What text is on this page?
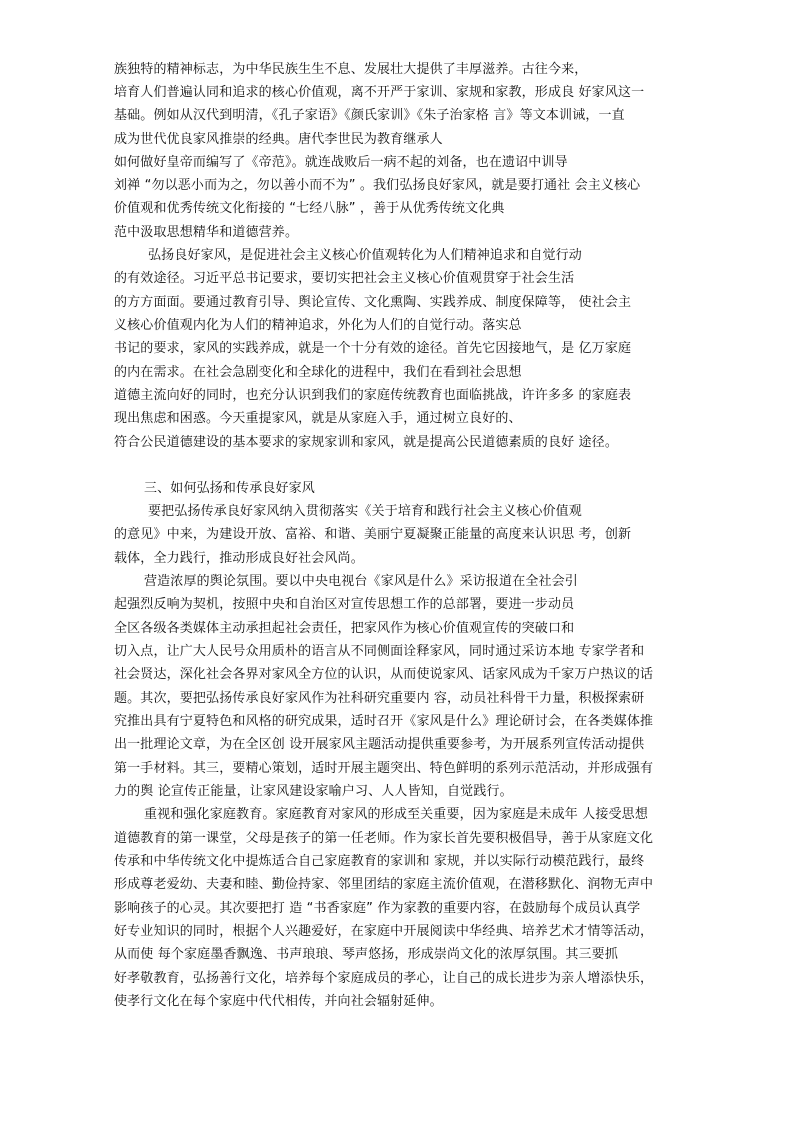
族独特的精神标志，为中华民族生生不息、发展壮大提供了丰厚滋养。古往今来，
培育人们普遍认同和追求的核心价值观，离不开严于家训、家规和家教，形成良 好家风这一
基础。例如从汉代到明清，《孔子家语》《颜氏家训》《朱子治家格 言》等文本训诫，一直
成为世代优良家风推崇的经典。唐代李世民为教育继承人
如何做好皇帝而编写了《帝范》。就连战败后一病不起的刘备，也在遗诏中训导
刘禅 “勿以恶小而为之，勿以善小而不为” 。我们弘扬良好家风，就是要打通社 会主义核心
价值观和优秀传统文化衔接的 “七经八脉” ，善于从优秀传统文化典
范中汲取思想精华和道德营养。
弘扬良好家风，是促进社会主义核心价值观转化为人们精神追求和自觉行动
的有效途径。习近平总书记要求，要切实把社会主义核心价值观贯穿于社会生活
的方方面面。要通过教育引导、舆论宣传、文化熏陶、实践养成、制度保障等， 使社会主
义核心价值观内化为人们的精神追求，外化为人们的自觉行动。落实总
书记的要求，家风的实践养成，就是一个十分有效的途径。首先它因接地气，是 亿万家庭
的内在需求。在社会急剧变化和全球化的进程中，我们在看到社会思想
道德主流向好的同时，也充分认识到我们的家庭传统教育也面临挑战，许许多多 的家庭表
现出焦虑和困惑。今天重提家风，就是从家庭入手，通过树立良好的、
符合公民道德建设的基本要求的家规家训和家风，就是提高公民道德素质的良好 途径。
三、如何弘扬和传承良好家风
要把弘扬传承良好家风纳入贯彻落实《关于培育和践行社会主义核心价值观
的意见》中来，为建设开放、富裕、和谐、美丽宁夏凝聚正能量的高度来认识思 考，创新
载体，全力践行，推动形成良好社会风尚。
营造浓厚的舆论氛围。要以中央电视台《家风是什么》采访报道在全社会引
起强烈反响为契机，按照中央和自治区对宣传思想工作的总部署，要进一步动员
全区各级各类媒体主动承担起社会责任，把家风作为核心价值观宣传的突破口和
切入点，让广大人民号众用质朴的语言从不同侧面诠释家风，同时通过采访本地 专家学者和
社会贤达，深化社会各界对家风全方位的认识，从而使说家风、话家风成为千家万户热议的话
题。其次，要把弘扬传承良好家风作为社科研究重要内 容，动员社科骨干力量，积极探索研
究推出具有宁夏特色和风格的研究成果，适时召开《家风是什么》理论研讨会，在各类媒体推
出一批理论文章，为在全区创 设开展家风主题活动提供重要参考，为开展系列宣传活动提供
第一手材料。其三，要精心策划，适时开展主题突出、特色鲜明的系列示范活动，并形成强有
力的舆 论宣传正能量，让家风建设家喻户习、人人皆知，自觉践行。
重视和强化家庭教育。家庭教育对家风的形成至关重要，因为家庭是未成年 人接受思想
道德教育的第一课堂，父母是孩子的第一任老师。作为家长首先要积极倡导，善于从家庭文化
传承和中华传统文化中提炼适合自己家庭教育的家训和 家规，并以实际行动模范践行，最终
形成尊老爱幼、夫妻和睦、勤俭持家、邻里团结的家庭主流价值观，在潜移默化、润物无声中
影响孩子的心灵。其次要把打 造 “书香家庭” 作为家教的重要内容，在鼓励每个成员认真学
好专业知识的同时，根据个人兴趣爱好，在家庭中开展阅读中华经典、培养艺术才情等活动，
从而使 每个家庭墨香飘逸、书声琅琅、琴声悠扬，形成崇尚文化的浓厚氛围。其三要抓
好孝敬教育，弘扬善行文化，培养每个家庭成员的孝心，让自己的成长进步为亲人增添快乐，
使孝行文化在每个家庭中代代相传，并向社会辐射延伸。
